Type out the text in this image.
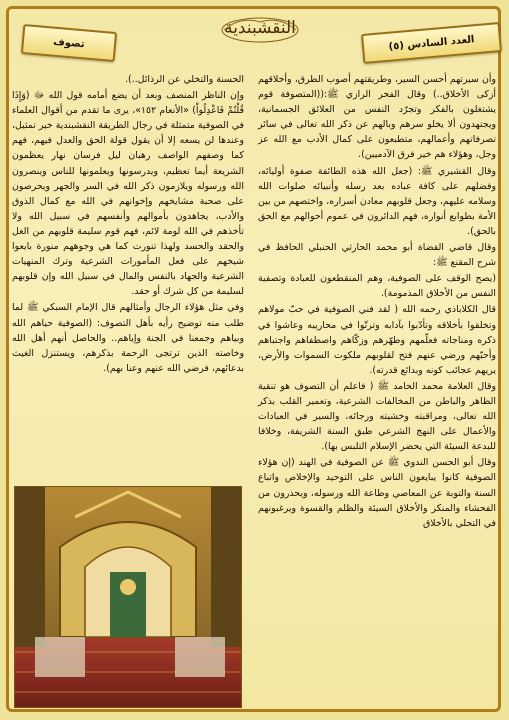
تصوف
النقشبندية
العدد السادس (٥)

وأن سيرتهم أحسن السير، وطريقتهم أصوب الطرق، وأخلاقهم أزكى الأخلاق..) وقال الفخر الرازي ﷺ:((المتصوفة قوم يشتغلون بالفكر وتجرّد النفس من العلائق الجسمانية، ويجتهدون ألا يخلو سرهم وبالهم عن ذكر الله تعالى في سائر تصرفاتهم وأعمالهم، متطبعون على كمال الأدب مع الله عز وجل، وهؤلاء هم خير فرق الآدميين).

وقال القشيري ﷺ: (جعل الله هذه الطائفة صفوة أوليائه، وفضلهم على كافة عباده بعد رسله وأنبيائه صلوات الله وسلامه عليهم، وجعل قلوبهم معادن أسراره، واختصهم من بين الأمة بطوابع أنواره، فهم الدائرون في عموم أحوالهم مع الحق بالحق).

وقال قاضي القضاة أبو محمد الحارثي الحنبلي الحافظ في شرح المقنع ﷺ:

(يصح الوقف على الصوفية، وهم المنقطعون للعبادة وتصفية النفس من الأخلاق المذمومة).

قال الكلاباذي رحمه الله ( لقد فني الصوفية في حبّ مولاهم وتخلقوا بأخلاقه وتأدّبوا بآدابه وترتّوا في محاريبه وعاشوا في ذكره ومناجاته فعلّمهم وطهّرهم وزكّاهم واصطفاهم واجتباهم وأحبّهم ورضي عنهم فتح لقلوبهم ملكوت السموات والأرض، يريهم عجائب كونه وبدائع قدرته).

وقال العلامة محمد الحامد ﷺ ( فاعلم أن التصوف هو تنقية الظاهر والباطن من المخالفات الشرعية، وتعمير القلب بذكر الله تعالى، ومراقبته وخشيته ورجائه، والسير في العبادات والأعمال على النهج الشرعي طبق السنة الشريفة، وخلافا للبدعة السيئة التي يحضر الإسلام التلبس بها).

وقال أبو الحسن الندوي ﷺ عن الصوفية في الهند (إن هؤلاء الصوفية كانوا يبايعون الناس على التوحيد والإخلاص واتباع السنة والتوبة عن المعاصي وطاعة الله ورسوله، ويحذرون من الفحشاء والمنكر والأخلاق السيئة والظلم والقسوة ويرغبونهم في التحلي بالأخلاق

الحسنة والتخلي عن الرذائل..).

وإن الناظر المنصف وبعد أن يضع أمامه قول الله ﷻ (وَإِذَا قُلْتُمْ فَاعْدِلُواْ) «الأنعام ١٥٢»، يرى ما تقدم من أقوال العلماء في الصوفية متمثلة في رجال الطريقة النقشبندية خير تمثيل، وعندها لن يسعه إلا أن يقول قولة الحق والعدل فيهم، فهم كما وصفهم الواصف رهبان ليل فرسان نهار يعظمون الشريعة أيما تعظيم، ويدرسونها ويعلمونها للناس وينصرون الله ورسوله ويلازمون ذكر الله في السر والجهر ويحرصون على صحبة مشايخهم وإخوانهم في الله مع كمال الذوق والأدب، يجاهدون بأموالهم وأنفسهم في سبيل الله ولا تأخذهم في الله لومة لائم، فهم قوم سليمة قلوبهم من الغل والحقد والحسد ولهذا تنورت كما هي وجوههم منورة بايعوا شيخهم على فعل المأمورات الشرعية وترك المنهيات الشرعية والجهاد بالنفس والمال في سبيل الله وإن قلوبهم لسليمة من كل شرك أو حقد.

وفي مثل هؤلاء الرجال وأمثالهم قال الإمام السبكي ﷺ لما طلب منه توضيح رأيه بأهل التصوف: (الصوفية حياهم الله وبياهم وجمعنا في الجنة وإياهم.. والحاصل أنهم أهل الله وخاصته الذين ترتجى الرحمة بذكرهم، ويستنزل الغيث بدعائهم، فرضي الله عنهم وعنا بهم).
